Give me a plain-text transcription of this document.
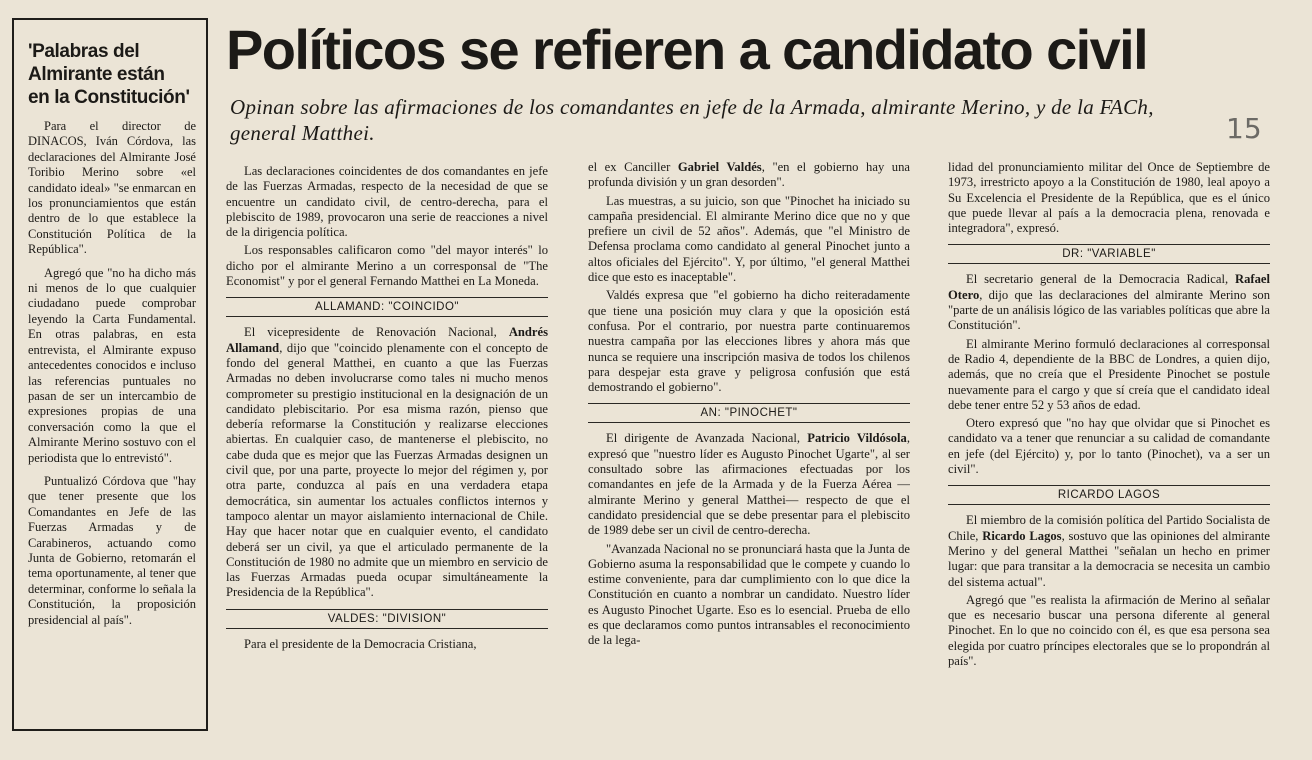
'Palabras del
Almirante están
en la Constitución'

Para el director de DINACOS, Iván Córdova, las declaraciones del Almirante José Toribio Merino sobre «el candidato ideal» "se enmarcan en los pronunciamientos que están dentro de lo que establece la Constitución Política de la República".

Agregó que "no ha dicho más ni menos de lo que cualquier ciudadano puede comprobar leyendo la Carta Fundamental. En otras palabras, en esta entrevista, el Almirante expuso antecedentes conocidos e incluso las referencias puntuales no pasan de ser un intercambio de expresiones propias de una conversación como la que el Almirante Merino sostuvo con el periodista que lo entrevistó".

Puntualizó Córdova que "hay que tener presente que los Comandantes en Jefe de las Fuerzas Armadas y de Carabineros, actuando como Junta de Gobierno, retomarán el tema oportunamente, al tener que determinar, conforme lo señala la Constitución, la proposición presidencial al país".

Políticos se refieren a candidato civil
Opinan sobre las afirmaciones de los comandantes en jefe de la Armada, almirante Merino, y de la FACh, general Matthei.	15

Las declaraciones coincidentes de dos comandantes en jefe de las Fuerzas Armadas, respecto de la necesidad de que se encuentre un candidato civil, de centro-derecha, para el plebiscito de 1989, provocaron una serie de reacciones a nivel de la dirigencia política.

Los responsables calificaron como "del mayor interés" lo dicho por el almirante Merino a un corresponsal de "The Economist" y por el general Fernando Matthei en La Moneda.

ALLAMAND: "COINCIDO"

El vicepresidente de Renovación Nacional, Andrés Allamand, dijo que "coincido plenamente con el concepto de fondo del general Matthei, en cuanto a que las Fuerzas Armadas no deben involucrarse como tales ni mucho menos comprometer su prestigio institucional en la designación de un candidato plebiscitario. Por esa misma razón, pienso que debería reformarse la Constitución y realizarse elecciones abiertas. En cualquier caso, de mantenerse el plebiscito, no cabe duda que es mejor que las Fuerzas Armadas designen un civil que, por una parte, proyecte lo mejor del régimen y, por otra parte, conduzca al país en una verdadera etapa democrática, sin aumentar los actuales conflictos internos y tampoco alentar un mayor aislamiento internacional de Chile. Hay que hacer notar que en cualquier evento, el candidato deberá ser un civil, ya que el articulado permanente de la Constitución de 1980 no admite que un miembro en servicio de las Fuerzas Armadas pueda ocupar simultáneamente la Presidencia de la República".

VALDES: "DIVISION"

Para el presidente de la Democracia Cristiana,

el ex Canciller Gabriel Valdés, "en el gobierno hay una profunda división y un gran desorden".

Las muestras, a su juicio, son que "Pinochet ha iniciado su campaña presidencial. El almirante Merino dice que no y que prefiere un civil de 52 años". Además, que "el Ministro de Defensa proclama como candidato al general Pinochet junto a altos oficiales del Ejército". Y, por último, "el general Matthei dice que esto es inaceptable".

Valdés expresa que "el gobierno ha dicho reiteradamente que tiene una posición muy clara y que la oposición está confusa. Por el contrario, por nuestra parte continuaremos nuestra campaña por las elecciones libres y ahora más que nunca se requiere una inscripción masiva de todos los chilenos para despejar esta grave y peligrosa confusión que está demostrando el gobierno".

AN: "PINOCHET"

El dirigente de Avanzada Nacional, Patricio Vildósola, expresó que "nuestro líder es Augusto Pinochet Ugarte", al ser consultado sobre las afirmaciones efectuadas por los comandantes en jefe de la Armada y de la Fuerza Aérea —almirante Merino y general Matthei— respecto de que el candidato presidencial que se debe presentar para el plebiscito de 1989 debe ser un civil de centro-derecha.

"Avanzada Nacional no se pronunciará hasta que la Junta de Gobierno asuma la responsabilidad que le compete y cuando lo estime conveniente, para dar cumplimiento con lo que dice la Constitución en cuanto a nombrar un candidato. Nuestro líder es Augusto Pinochet Ugarte. Eso es lo esencial. Prueba de ello es que declaramos como puntos intransables el reconocimiento de la lega-

lidad del pronunciamiento militar del Once de Septiembre de 1973, irrestricto apoyo a la Constitución de 1980, leal apoyo a Su Excelencia el Presidente de la República, que es el único que puede llevar al país a la democracia plena, renovada e integradora", expresó.

DR: "VARIABLE"

El secretario general de la Democracia Radical, Rafael Otero, dijo que las declaraciones del almirante Merino son "parte de un análisis lógico de las variables políticas que abre la Constitución".

El almirante Merino formuló declaraciones al corresponsal de Radio 4, dependiente de la BBC de Londres, a quien dijo, además, que no creía que el Presidente Pinochet se postule nuevamente para el cargo y que sí creía que el candidato ideal debe tener entre 52 y 53 años de edad.

Otero expresó que "no hay que olvidar que si Pinochet es candidato va a tener que renunciar a su calidad de comandante en jefe (del Ejército) y, por lo tanto (Pinochet), va a ser un civil".

RICARDO LAGOS

El miembro de la comisión política del Partido Socialista de Chile, Ricardo Lagos, sostuvo que las opiniones del almirante Merino y del general Matthei "señalan un hecho en primer lugar: que para transitar a la democracia se necesita un cambio del sistema actual".

Agregó que "es realista la afirmación de Merino al señalar que es necesario buscar una persona diferente al general Pinochet. En lo que no coincido con él, es que esa persona sea elegida por cuatro príncipes electorales que se lo propondrán al país".
